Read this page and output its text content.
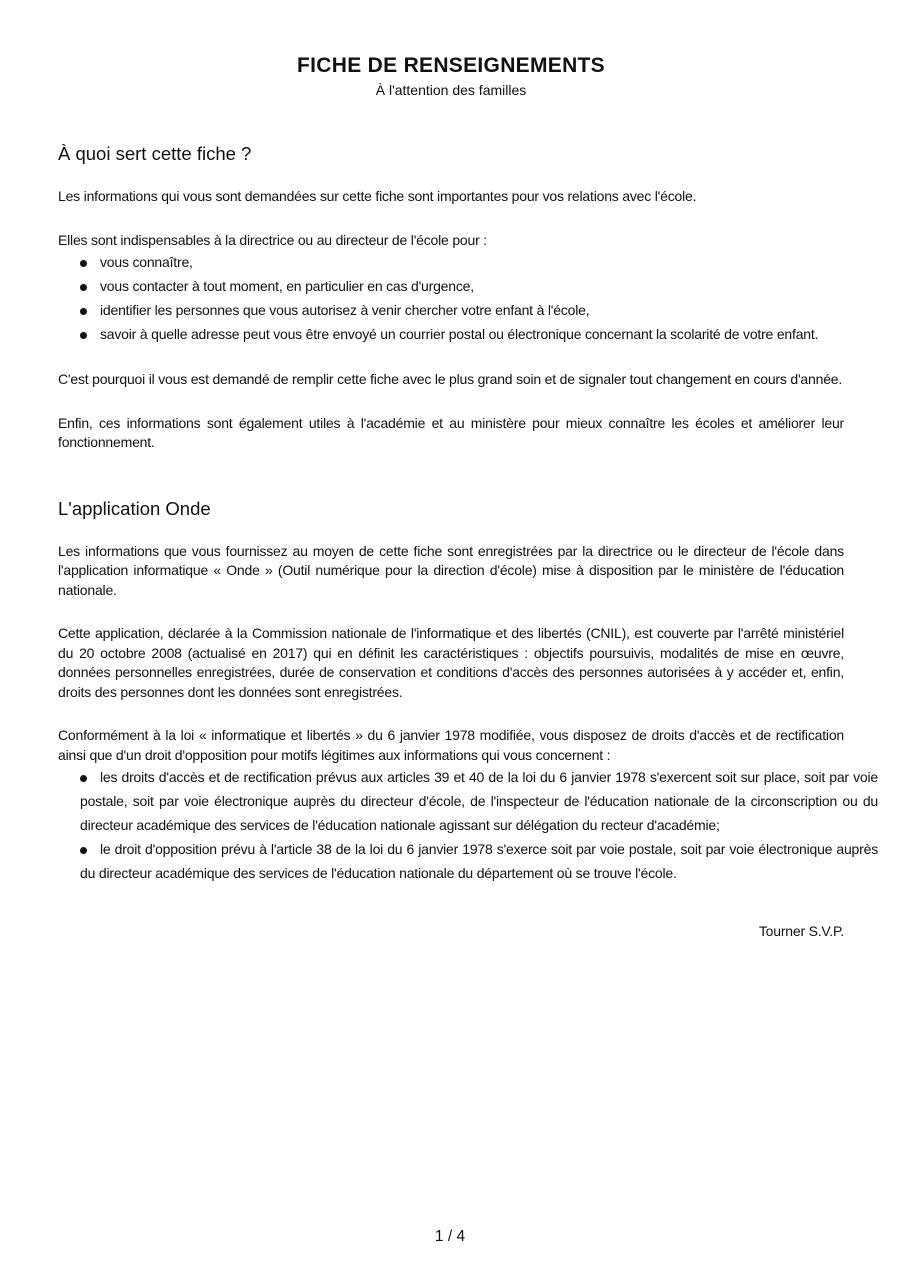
FICHE DE RENSEIGNEMENTS
À l'attention des familles
À quoi sert cette fiche ?

Les informations qui vous sont demandées sur cette fiche sont importantes pour vos relations avec l'école.

Elles sont indispensables à la directrice ou au directeur de l'école pour :

vous connaître,
vous contacter à tout moment, en particulier en cas d'urgence,
identifier les personnes que vous autorisez à venir chercher votre enfant à l'école,
savoir à quelle adresse peut vous être envoyé un courrier postal ou électronique concernant la scolarité de votre enfant.

C'est pourquoi il vous est demandé de remplir cette fiche avec le plus grand soin et de signaler tout changement en cours d'année.

Enfin, ces informations sont également utiles à l'académie et au ministère pour mieux connaître les écoles et améliorer leur fonctionnement.

L'application Onde

Les informations que vous fournissez au moyen de cette fiche sont enregistrées par la directrice ou le directeur de l'école dans l'application informatique « Onde » (Outil numérique pour la direction d'école) mise à disposition par le ministère de l'éducation nationale.

Cette application, déclarée à la Commission nationale de l'informatique et des libertés (CNIL), est couverte par l'arrêté ministériel du 20 octobre 2008 (actualisé en 2017) qui en définit les caractéristiques : objectifs poursuivis, modalités de mise en œuvre, données personnelles enregistrées, durée de conservation et conditions d'accès des personnes autorisées à y accéder et, enfin, droits des personnes dont les données sont enregistrées.

Conformément à la loi « informatique et libertés » du 6 janvier 1978 modifiée, vous disposez de droits d'accès et de rectification ainsi que d'un droit d'opposition pour motifs légitimes aux informations qui vous concernent :

les droits d'accès et de rectification prévus aux articles 39 et 40 de la loi du 6 janvier 1978 s'exercent soit sur place, soit par voie postale, soit par voie électronique auprès du directeur d'école, de l'inspecteur de l'éducation nationale de la circonscription ou du directeur académique des services de l'éducation nationale agissant sur délégation du recteur d'académie;
le droit d'opposition prévu à l'article 38 de la loi du 6 janvier 1978 s'exerce soit par voie postale, soit par voie électronique auprès du directeur académique des services de l'éducation nationale du département où se trouve l'école.

Tourner S.V.P.

1 / 4
